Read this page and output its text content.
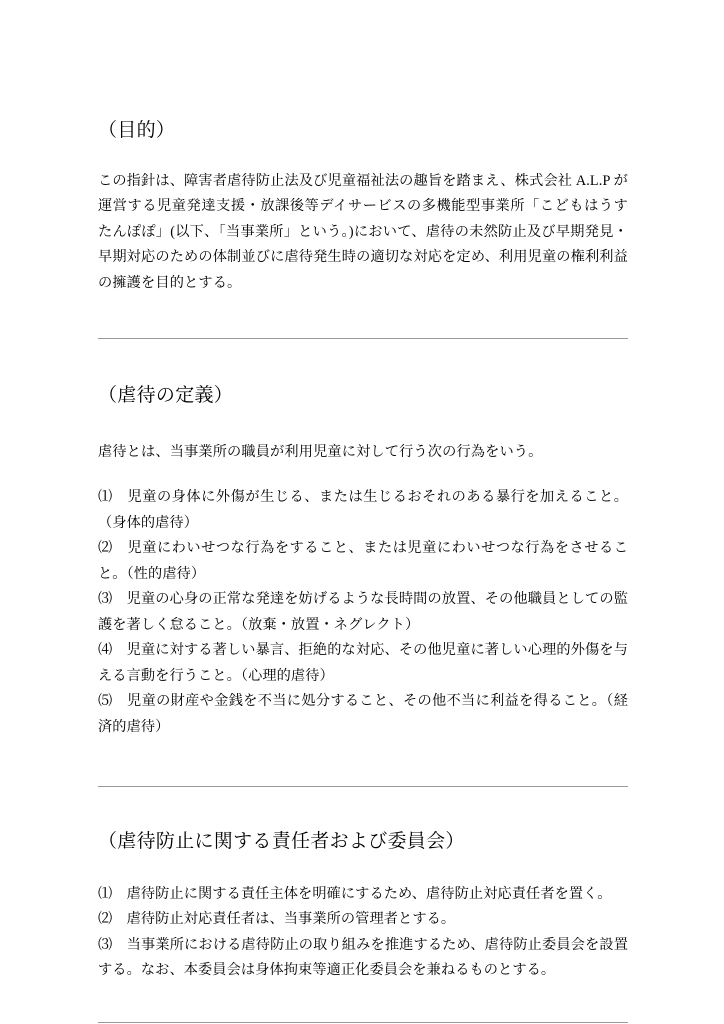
（目的）

この指針は、障害者虐待防止法及び児童福祉法の趣旨を踏まえ、株式会社 A.L.P が運営する児童発達支援・放課後等デイサービスの多機能型事業所「こどもはうす　たんぽぽ」(以下、「当事業所」という。)において、虐待の未然防止及び早期発見・早期対応のための体制並びに虐待発生時の適切な対応を定め、利用児童の権利利益の擁護を目的とする。

（虐待の定義）

虐待とは、当事業所の職員が利用児童に対して行う次の行為をいう。

⑴　児童の身体に外傷が生じる、または生じるおそれのある暴行を加えること。（身体的虐待）
⑵　児童にわいせつな行為をすること、または児童にわいせつな行為をさせること。（性的虐待）
⑶　児童の心身の正常な発達を妨げるような長時間の放置、その他職員としての監護を著しく怠ること。（放棄・放置・ネグレクト）
⑷　児童に対する著しい暴言、拒絶的な対応、その他児童に著しい心理的外傷を与える言動を行うこと。（心理的虐待）
⑸　児童の財産や金銭を不当に処分すること、その他不当に利益を得ること。（経済的虐待）
（虐待防止に関する責任者および委員会）
⑴　虐待防止に関する責任主体を明確にするため、虐待防止対応責任者を置く。
⑵　虐待防止対応責任者は、当事業所の管理者とする。
⑶　当事業所における虐待防止の取り組みを推進するため、虐待防止委員会を設置する。なお、本委員会は身体拘束等適正化委員会を兼ねるものとする。
